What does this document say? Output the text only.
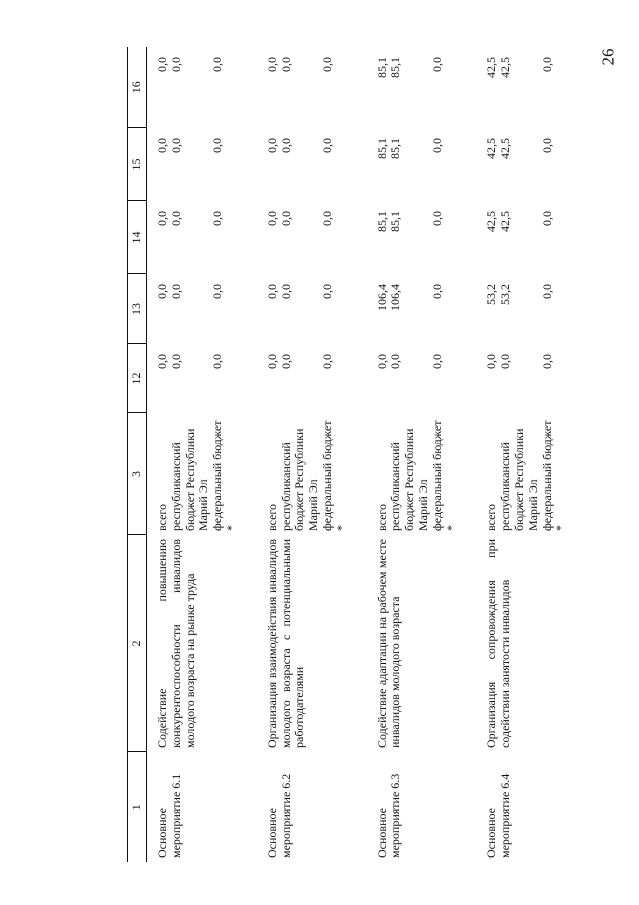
26
1	2	3	12	13	14	15	16
Основное мероприятие 6.1	Содействие повышению конкурентоспособности инвалидов молодого возраста на рынке труда	всего	0,0	0,0	0,0	0,0	0,0
		республиканский бюджет Республики Марий Эл	0,0	0,0	0,0	0,0	0,0
		федеральный бюджет *	0,0	0,0	0,0	0,0	0,0
Основное мероприятие 6.2	Организация взаимодействия инвалидов молодого возраста с потенциальными работодателями	всего	0,0	0,0	0,0	0,0	0,0
		республиканский бюджет Республики Марий Эл	0,0	0,0	0,0	0,0	0,0
		федеральный бюджет *	0,0	0,0	0,0	0,0	0,0
Основное мероприятие 6.3	Содействие адаптации на рабочем месте инвалидов молодого возраста	всего	0,0	106,4	85,1	85,1	85,1
		республиканский бюджет Республики Марий Эл	0,0	106,4	85,1	85,1	85,1
		федеральный бюджет *	0,0	0,0	0,0	0,0	0,0
Основное мероприятие 6.4	Организация сопровождения при содействии занятости инвалидов	всего	0,0	53,2	42,5	42,5	42,5
		республиканский бюджет Республики Марий Эл	0,0	53,2	42,5	42,5	42,5
		федеральный бюджет *	0,0	0,0	0,0	0,0	0,0
